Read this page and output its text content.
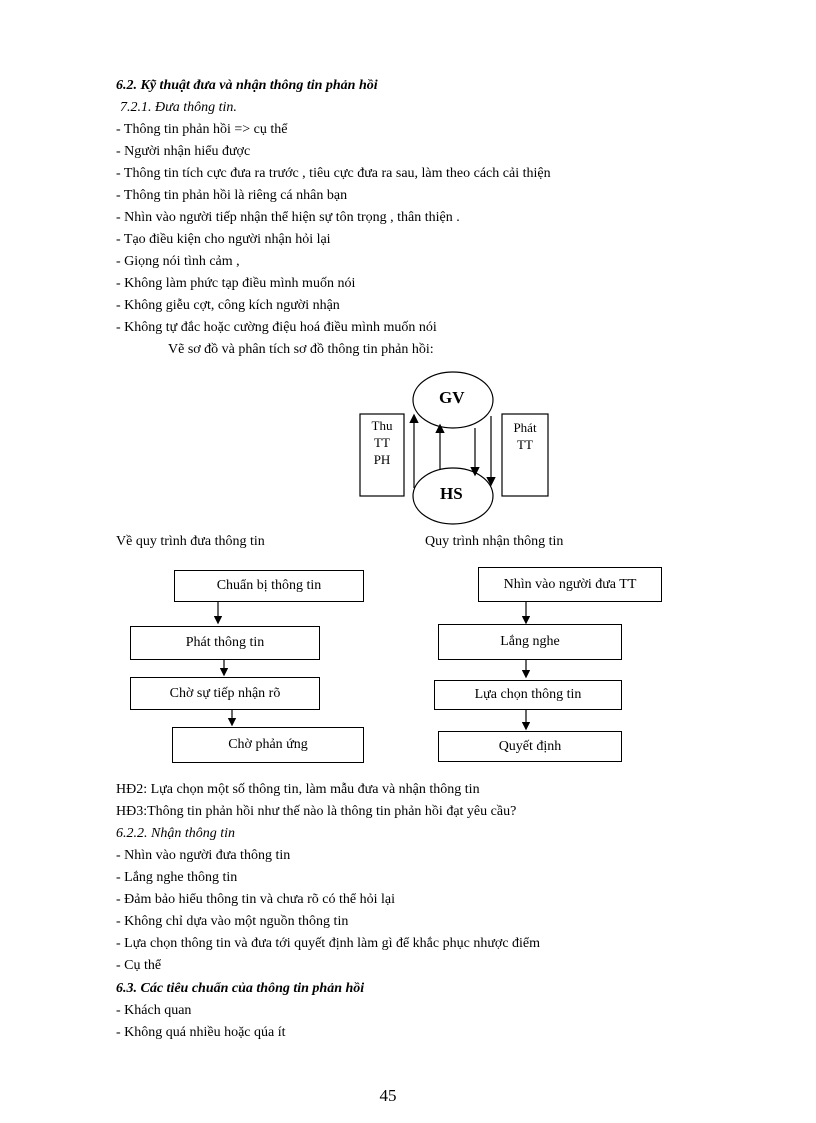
6.2. Kỹ thuật đưa và nhận thông tin phản hồi
7.2.1. Đưa thông tin.
- Thông tin phản hồi => cụ thể
- Người nhận hiểu được
- Thông tin tích cực đưa ra trước , tiêu cực đưa ra sau, làm theo cách cải thiện
- Thông tin phản hồi là riêng cá nhân bạn
- Nhìn vào người tiếp nhận thể hiện sự tôn trọng , thân thiện .
- Tạo điều kiện cho người nhận hỏi lại
- Giọng nói tình cảm ,
- Không làm phức tạp điều mình muốn nói
- Không giễu cợt, công kích người nhận
- Không tự đắc hoặc cường điệu hoá điều mình muốn nói
Vẽ sơ đồ và phân tích sơ đồ thông tin phản hồi:
GV
HS
Thu
TT
PH
Phát
TT
Về quy trình đưa thông tin	Quy trình nhận thông tin
Chuẩn bị thông tin
Phát thông tin
Chờ sự tiếp nhận rõ
Chờ phản ứng
Nhìn vào người đưa TT
Lắng nghe
Lựa chọn thông tin
Quyết định
HĐ2: Lựa chọn một số thông tin, làm mẫu đưa và nhận thông tin
HĐ3:Thông tin phản hồi như thế nào là thông tin phản hồi đạt yêu cầu?
6.2.2. Nhận thông tin
- Nhìn vào người đưa thông tin
- Lắng nghe thông tin
- Đảm bảo hiểu thông tin và chưa rõ có thể hỏi lại
- Không chỉ dựa vào một nguồn thông tin
- Lựa chọn thông tin và đưa tới quyết định làm gì để khắc phục nhược điểm
- Cụ thể
6.3. Các tiêu chuẩn của thông tin phản hồi
- Khách quan
- Không quá nhiều hoặc qúa ít
45
